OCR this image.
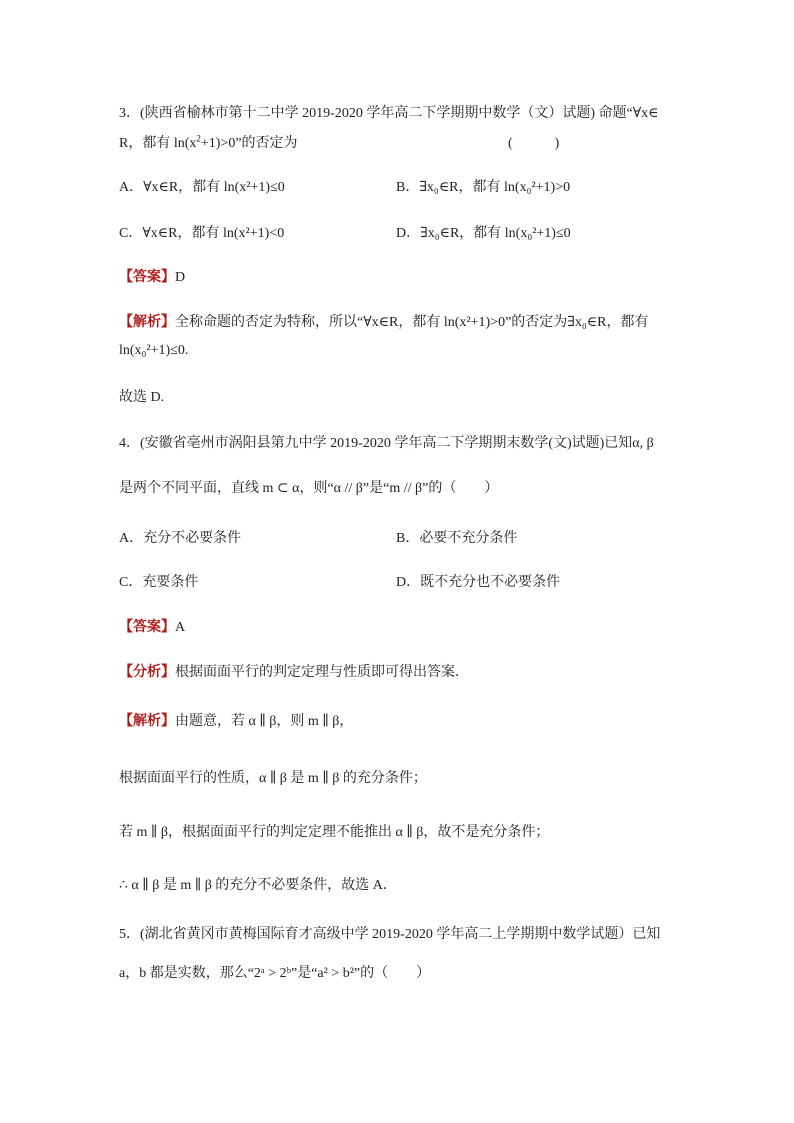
3．(陕西省榆林市第十二中学 2019-2020 学年高二下学期期中数学（文）试题) 命题“∀x∈
R，都有 $\ln(x^2+1)>0$”的否定为	(　　　)
A．∀x∈R，都有 ln(x²+1)≤0	B．∃x₀∈R，都有 ln(x₀²+1)>0
C．∀x∈R，都有 ln(x²+1)<0	D．∃x₀∈R，都有 ln(x₀²+1)≤0
【答案】D
【解析】全称命题的否定为特称，所以“∀x∈R，都有 ln(x²+1)>0”的否定为∃x₀∈R，都有
ln(x₀²+1)≤0.
故选 D.
4．(安徽省亳州市涡阳县第九中学 2019-2020 学年高二下学期期末数学(文)试题)已知α, β
是两个不同平面，直线 m ⊂ α，则“α // β”是“m // β”的（　　）
A．充分不必要条件	B．必要不充分条件
C．充要条件	D．既不充分也不必要条件
【答案】A
【分析】根据面面平行的判定定理与性质即可得出答案．
【解析】由题意，若 α ∥ β，则 m ∥ β，
根据面面平行的性质，α ∥ β 是 m ∥ β 的充分条件；
若 m ∥ β，根据面面平行的判定定理不能推出 α ∥ β，故不是充分条件；
∴ α ∥ β 是 m ∥ β 的充分不必要条件，故选 A．
5．(湖北省黄冈市黄梅国际育才高级中学 2019-2020 学年高二上学期期中数学试题）已知
a，b 都是实数，那么“2ᵃ > 2ᵇ”是“a² > b²”的（　　）
